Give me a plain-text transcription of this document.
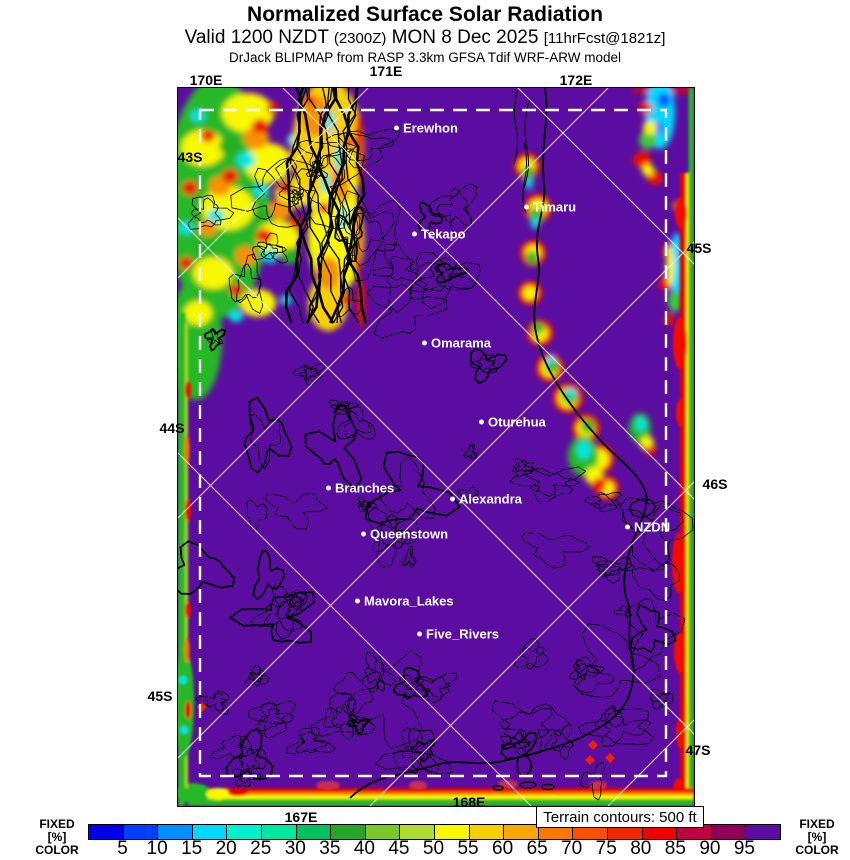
Normalized Surface Solar Radiation
Valid 1200 NZDT (2300Z) MON 8 Dec 2025 [11hrFcst@1821z]
DrJack BLIPMAP from RASP 3.3km GFSA Tdif WRF-ARW model
Erewhon
Timaru
Tekapo
Omarama
Oturehua
Branches
Alexandra
Queenstown	NZDN
Mavora_Lakes
Five_Rivers
170E
171E
172E
167E
168E
43S
44S
45S
45S
46S
47S
Terrain contours: 500 ft
5 10 15 20 25 30 35 40 45 50 55 60 65 70 75 80 85 90 95
FIXED
[%]
COLOR
FIXED
[%]
COLOR
